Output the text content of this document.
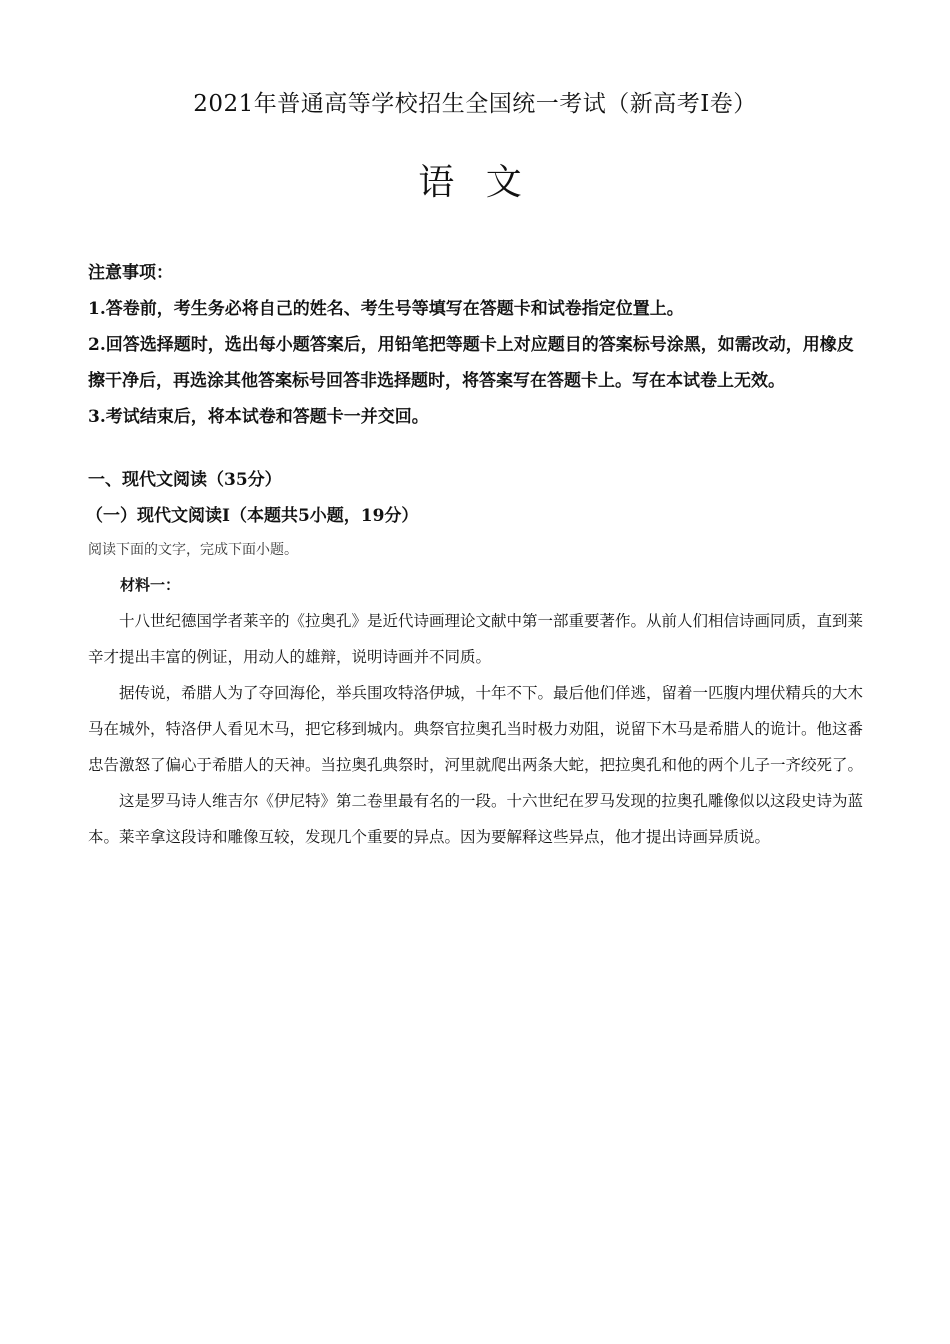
2021年普通高等学校招生全国统一考试（新高考Ⅰ卷）
语 文

注意事项：

1.答卷前，考生务必将自己的姓名、考生号等填写在答题卡和试卷指定位置上。

2.回答选择题时，选出每小题答案后，用铅笔把等题卡上对应题目的答案标号涂黑，如需改动，用橡皮擦干净后，再选涂其他答案标号回答非选择题时，将答案写在答题卡上。写在本试卷上无效。

3.考试结束后，将本试卷和答题卡一并交回。

一、现代文阅读（35分）
（一）现代文阅读Ⅰ（本题共5小题，19分）
阅读下面的文字，完成下面小题。
材料一：

十八世纪德国学者莱辛的《拉奥孔》是近代诗画理论文献中第一部重要著作。从前人们相信诗画同质，直到莱辛才提出丰富的例证，用动人的雄辩，说明诗画并不同质。

据传说，希腊人为了夺回海伦，举兵围攻特洛伊城，十年不下。最后他们佯逃，留着一匹腹内埋伏精兵的大木马在城外，特洛伊人看见木马，把它移到城内。典祭官拉奥孔当时极力劝阻，说留下木马是希腊人的诡计。他这番忠告激怒了偏心于希腊人的天神。当拉奥孔典祭时，河里就爬出两条大蛇，把拉奥孔和他的两个儿子一齐绞死了。

这是罗马诗人维吉尔《伊尼特》第二卷里最有名的一段。十六世纪在罗马发现的拉奥孔雕像似以这段史诗为蓝本。莱辛拿这段诗和雕像互较，发现几个重要的异点。因为要解释这些异点，他才提出诗画异质说。
